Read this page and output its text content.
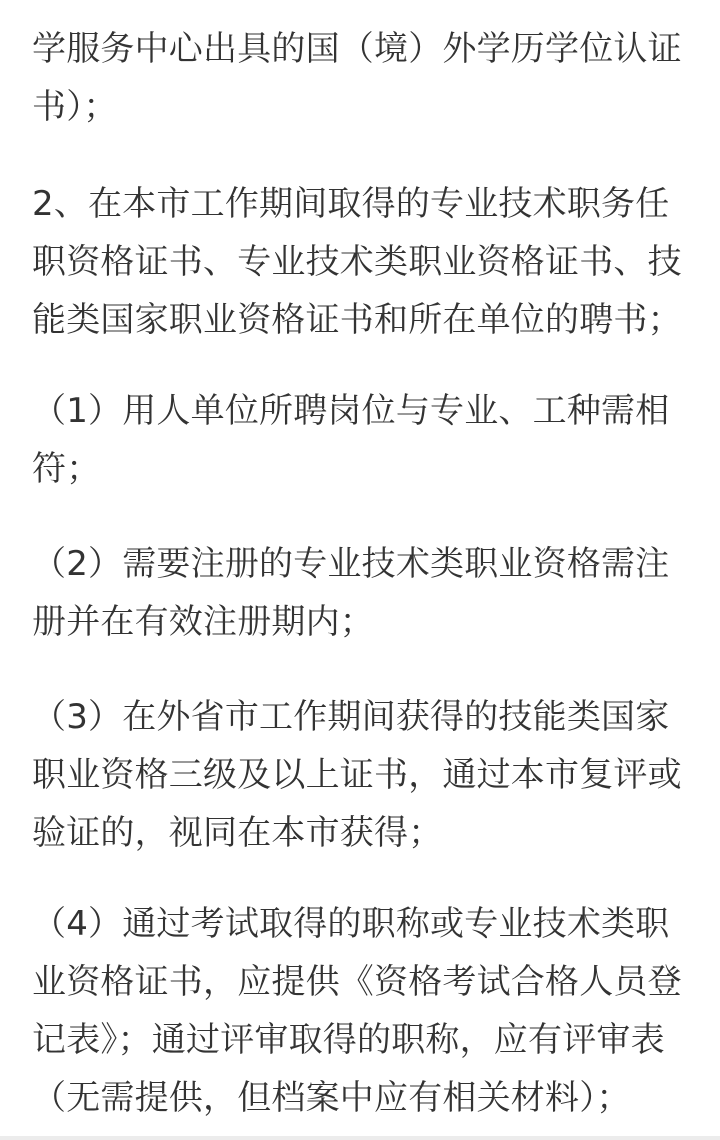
学服务中心出具的国（境）外学历学位认证
书）；
2、在本市工作期间取得的专业技术职务任
职资格证书、专业技术类职业资格证书、技
能类国家职业资格证书和所在单位的聘书；
（1）用人单位所聘岗位与专业、工种需相
符；
（2）需要注册的专业技术类职业资格需注
册并在有效注册期内；
（3）在外省市工作期间获得的技能类国家
职业资格三级及以上证书，通过本市复评或
验证的，视同在本市获得；
（4）通过考试取得的职称或专业技术类职
业资格证书，应提供《资格考试合格人员登
记表》；通过评审取得的职称，应有评审表
（无需提供，但档案中应有相关材料）；
